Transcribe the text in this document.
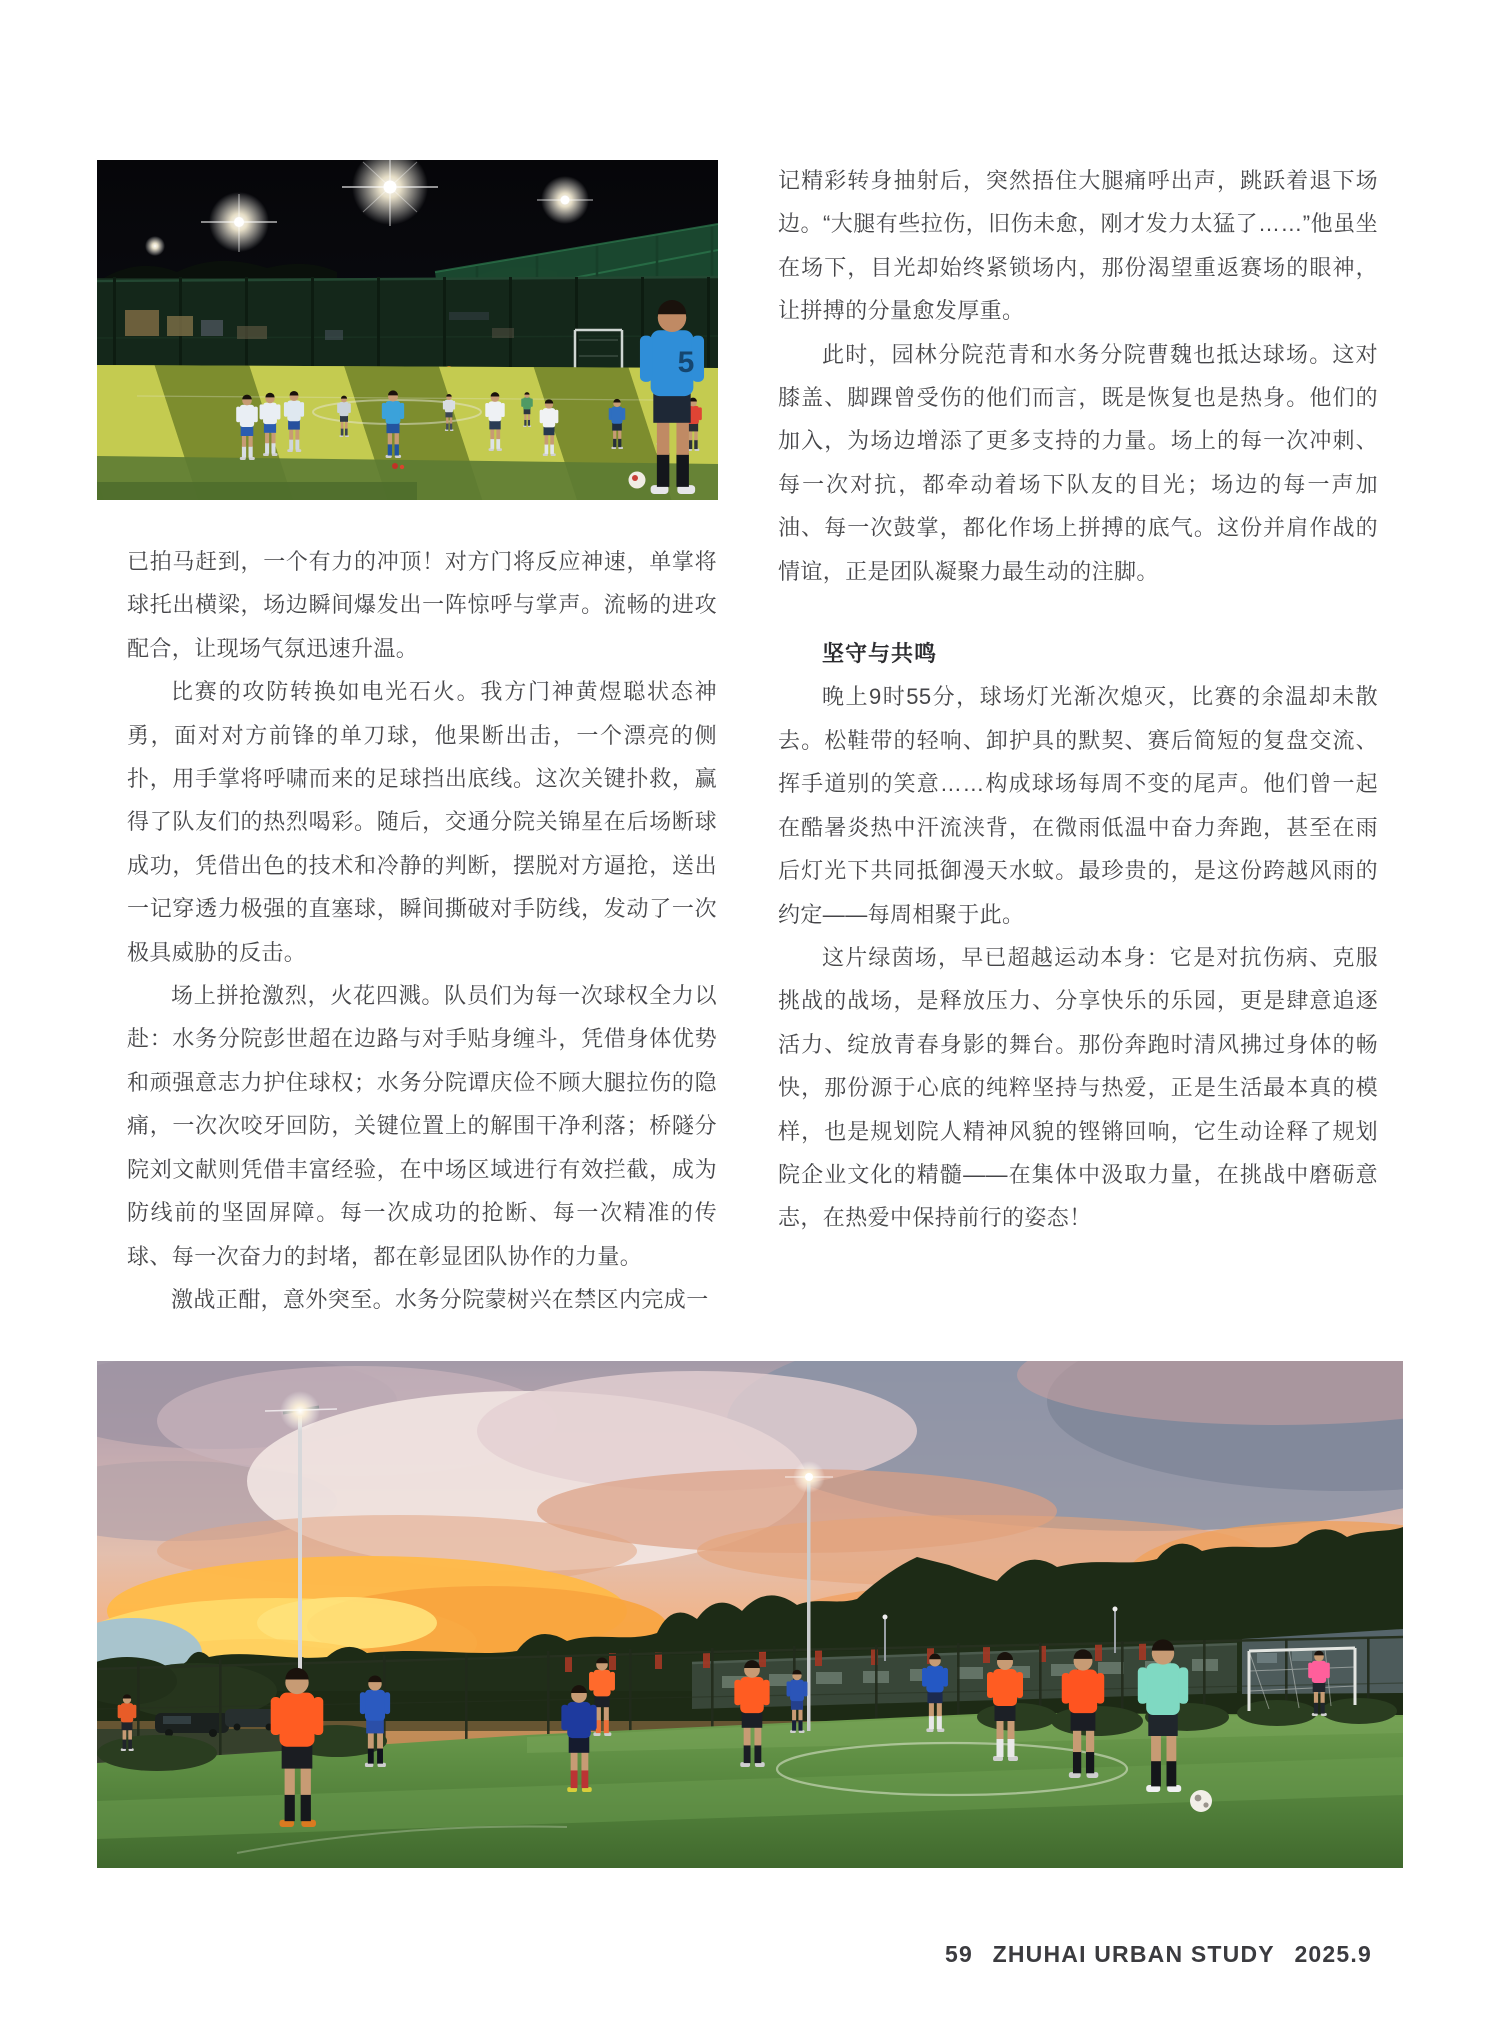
5

已拍马赶到，一个有力的冲顶！对方门将反应神速，单掌将球托出横梁，场边瞬间爆发出一阵惊呼与掌声。流畅的进攻配合，让现场气氛迅速升温。

比赛的攻防转换如电光石火。我方门神黄煜聪状态神勇，面对对方前锋的单刀球，他果断出击，一个漂亮的侧扑，用手掌将呼啸而来的足球挡出底线。这次关键扑救，赢得了队友们的热烈喝彩。随后，交通分院关锦星在后场断球成功，凭借出色的技术和冷静的判断，摆脱对方逼抢，送出一记穿透力极强的直塞球，瞬间撕破对手防线，发动了一次极具威胁的反击。

场上拼抢激烈，火花四溅。队员们为每一次球权全力以赴：水务分院彭世超在边路与对手贴身缠斗，凭借身体优势和顽强意志力护住球权；水务分院谭庆俭不顾大腿拉伤的隐痛，一次次咬牙回防，关键位置上的解围干净利落；桥隧分院刘文献则凭借丰富经验，在中场区域进行有效拦截，成为防线前的坚固屏障。每一次成功的抢断、每一次精准的传球、每一次奋力的封堵，都在彰显团队协作的力量。

激战正酣，意外突至。水务分院蒙树兴在禁区内完成一

记精彩转身抽射后，突然捂住大腿痛呼出声，跳跃着退下场边。“大腿有些拉伤，旧伤未愈，刚才发力太猛了……”他虽坐在场下，目光却始终紧锁场内，那份渴望重返赛场的眼神，让拼搏的分量愈发厚重。

此时，园林分院范青和水务分院曹魏也抵达球场。这对膝盖、脚踝曾受伤的他们而言，既是恢复也是热身。他们的加入，为场边增添了更多支持的力量。场上的每一次冲刺、每一次对抗，都牵动着场下队友的目光；场边的每一声加油、每一次鼓掌，都化作场上拼搏的底气。这份并肩作战的情谊，正是团队凝聚力最生动的注脚。

坚守与共鸣

晚上9时55分，球场灯光渐次熄灭，比赛的余温却未散去。松鞋带的轻响、卸护具的默契、赛后简短的复盘交流、挥手道别的笑意……构成球场每周不变的尾声。他们曾一起在酷暑炎热中汗流浃背，在微雨低温中奋力奔跑，甚至在雨后灯光下共同抵御漫天水蚊。最珍贵的，是这份跨越风雨的约定——每周相聚于此。

这片绿茵场，早已超越运动本身：它是对抗伤病、克服挑战的战场，是释放压力、分享快乐的乐园，更是肆意追逐活力、绽放青春身影的舞台。那份奔跑时清风拂过身体的畅快，那份源于心底的纯粹坚持与热爱，正是生活最本真的模样，也是规划院人精神风貌的铿锵回响，它生动诠释了规划院企业文化的精髓——在集体中汲取力量，在挑战中磨砺意志，在热爱中保持前行的姿态！

59 ZHUHAI URBAN STUDY 2025.9
